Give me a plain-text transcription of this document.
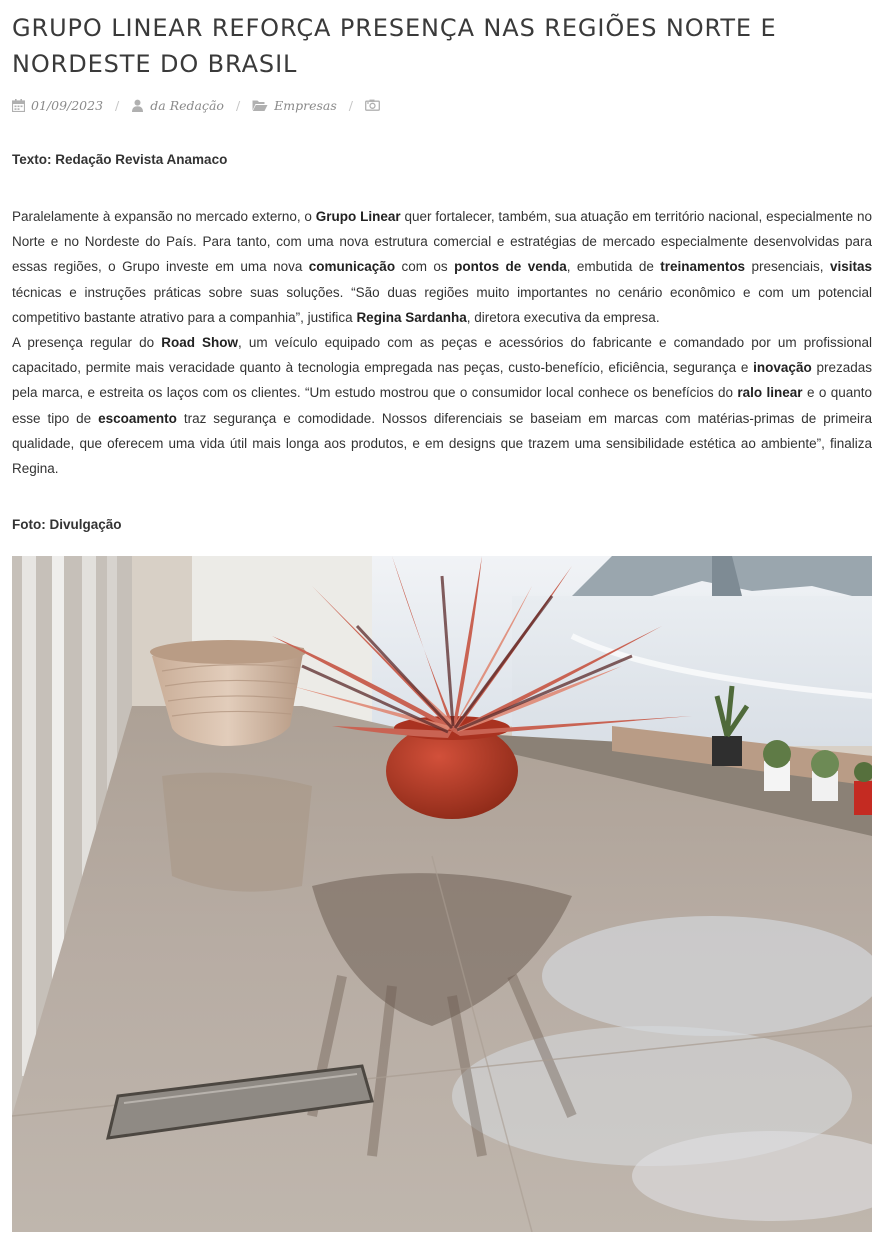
GRUPO LINEAR REFORÇA PRESENÇA NAS REGIÕES NORTE E NORDESTE DO BRASIL
01/09/2023 / da Redação /	Empresas /

Texto: Redação Revista Anamaco

Paralelamente à expansão no mercado externo, o Grupo Linear quer fortalecer, também, sua atuação em território nacional, especialmente no Norte e no Nordeste do País. Para tanto, com uma nova estrutura comercial e estratégias de mercado especialmente desenvolvidas para essas regiões, o Grupo investe em uma nova comunicação com os pontos de venda, embutida de treinamentos presenciais, visitas técnicas e instruções práticas sobre suas soluções. “São duas regiões muito importantes no cenário econômico e com um potencial competitivo bastante atrativo para a companhia”, justifica Regina Sardanha, diretora executiva da empresa.

A presença regular do Road Show, um veículo equipado com as peças e acessórios do fabricante e comandado por um profissional capacitado, permite mais veracidade quanto à tecnologia empregada nas peças, custo-benefício, eficiência, segurança e inovação prezadas pela marca, e estreita os laços com os clientes. “Um estudo mostrou que o consumidor local conhece os benefícios do ralo linear e o quanto esse tipo de escoamento traz segurança e comodidade. Nossos diferenciais se baseiam em marcas com matérias-primas de primeira qualidade, que oferecem uma vida útil mais longa aos produtos, e em designs que trazem uma sensibilidade estética ao ambiente”, finaliza Regina.

Foto: Divulgação
